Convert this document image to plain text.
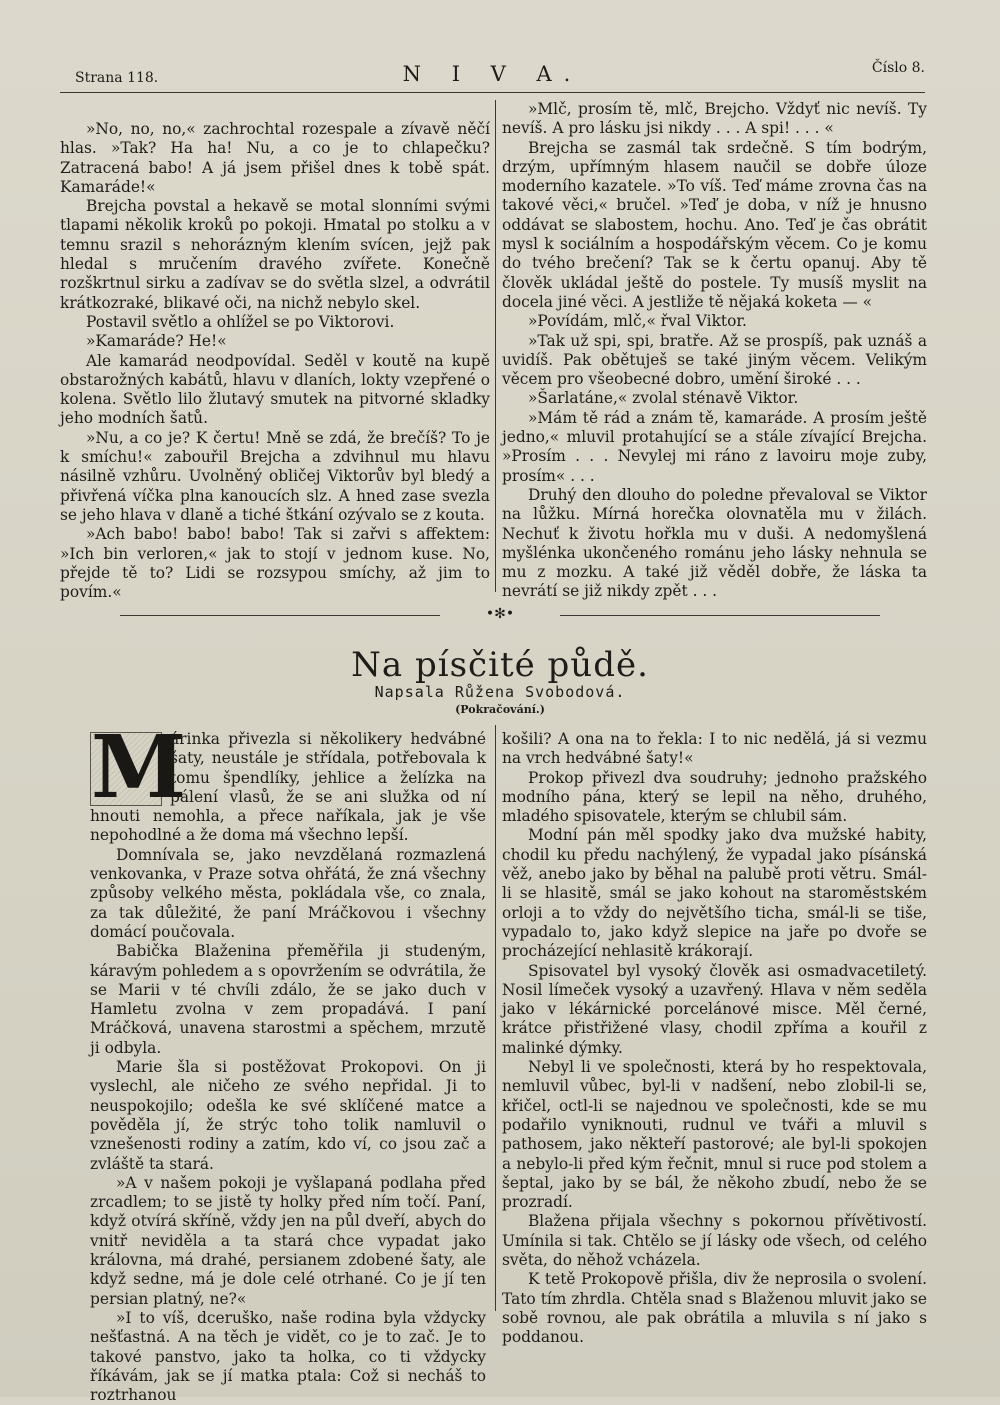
Strana 118.	N I V A.	Číslo 8.

»No, no, no,« zachrochtal rozespale a zívavě něčí hlas. »Tak? Ha ha! Nu, a co je to chlapečku? Zatracená babo! A já jsem přišel dnes k tobě spát. Kamaráde!«

Brejcha povstal a hekavě se motal slonními svými tlapami několik kroků po pokoji. Hmatal po stolku a v temnu srazil s nehorázným klením svícen, jejž pak hledal s mručením dravého zvířete. Konečně rozškrtnul sirku a zadívav se do světla slzel, a odvrátil krátkozraké, blikavé oči, na nichž nebylo skel.

Postavil světlo a ohlížel se po Viktorovi.

»Kamaráde? He!«

Ale kamarád neodpovídal. Seděl v koutě na kupě obstarožných kabátů, hlavu v dlaních, lokty vzepřené o kolena. Světlo lilo žlutavý smutek na pitvorné skladky jeho modních šatů.

»Nu, a co je? K čertu! Mně se zdá, že brečíš? To je k smíchu!« zabouřil Brejcha a zdvihnul mu hlavu násilně vzhůru. Uvolněný obličej Viktorův byl bledý a přivřená víčka plna kanoucích slz. A hned zase svezla se jeho hlava v dlaně a tiché štkání ozývalo se z kouta.

»Ach babo! babo! babo! Tak si zařvi s affektem: »Ich bin verloren,« jak to stojí v jednom kuse. No, přejde tě to? Lidi se rozsypou smíchy, až jim to povím.«

»Mlč, prosím tě, mlč, Brejcho. Vždyť nic nevíš. Ty nevíš. A pro lásku jsi nikdy . . . A spi! . . . «

Brejcha se zasmál tak srdečně. S tím bodrým, drzým, upřímným hlasem naučil se dobře úloze moderního kazatele. »To víš. Teď máme zrovna čas na takové věci,« bručel. »Teď je doba, v níž je hnusno oddávat se slabostem, hochu. Ano. Teď je čas obrátit mysl k sociálním a hospodářským věcem. Co je komu do tvého brečení? Tak se k čertu opanuj. Aby tě člověk ukládal ještě do postele. Ty musíš myslit na docela jiné věci. A jestliže tě nějaká koketa — «

»Povídám, mlč,« řval Viktor.

»Tak už spi, spi, bratře. Až se prospíš, pak uznáš a uvidíš. Pak obětuješ se také jiným věcem. Velikým věcem pro všeobecné dobro, umění široké . . .

»Šarlatáne,« zvolal sténavě Viktor.

»Mám tě rád a znám tě, kamaráde. A prosím ještě jedno,« mluvil protahující se a stále zívající Brejcha. »Prosím . . . Nevylej mi ráno z lavoiru moje zuby, prosím« . . .

Druhý den dlouho do poledne převaloval se Viktor na lůžku. Mírná horečka olovnatěla mu v žilách. Nechuť k životu hořkla mu v duši. A nedomyšlená myšlénka ukončeného románu jeho lásky nehnula se mu z mozku. A také již věděl dobře, že láska ta nevrátí se již nikdy zpět . . .

•✻•
Na písčité půdě.
Napsala Růžena Svobodová.
(Pokračování.)

M
árinka přivezla si několikery hedvábné šaty, neustále je střídala, potřebovala k tomu špendlíky, jehlice a želízka na pálení vlasů, že se ani služka od ní hnouti nemohla, a přece naříkala, jak je vše nepohodlné a že doma má všechno lepší.

Domnívala se, jako nevzdělaná rozmazlená venkovanka, v Praze sotva ohřátá, že zná všechny způsoby velkého města, pokládala vše, co znala, za tak důležité, že paní Mráčkovou i všechny domácí poučovala.

Babička Blaženina přeměřila ji studeným, káravým pohledem a s opovržením se odvrátila, že se Marii v té chvíli zdálo, že se jako duch v Hamletu zvolna v zem propadává. I paní Mráčková, unavena starostmi a spěchem, mrzutě ji odbyla.

Marie šla si postěžovat Prokopovi. On ji vyslechl, ale ničeho ze svého nepřidal. Ji to neuspokojilo; odešla ke své sklíčené matce a pověděla jí, že strýc toho tolik namluvil o vznešenosti rodiny a zatím, kdo ví, co jsou zač a zvláště ta stará.

»A v našem pokoji je vyšlapaná podlaha před zrcadlem; to se jistě ty holky před ním točí. Paní, když otvírá skříně, vždy jen na půl dveří, abych do vnitř neviděla a ta stará chce vypadat jako královna, má drahé, persianem zdobené šaty, ale když sedne, má je dole celé otrhané. Co je jí ten persian platný, ne?«

»I to víš, dceruško, naše rodina byla vždycky nešťastná. A na těch je vidět, co je to zač. Je to takové panstvo, jako ta holka, co ti vždycky říkávám, jak se jí matka ptala: Což si necháš to roztrhanou

košili? A ona na to řekla: I to nic nedělá, já si vezmu na vrch hedvábné šaty!«

Prokop přivezl dva soudruhy; jednoho pražského modního pána, který se lepil na něho, druhého, mladého spisovatele, kterým se chlubil sám.

Modní pán měl spodky jako dva mužské habity, chodil ku předu nachýlený, že vypadal jako písánská věž, anebo jako by běhal na palubě proti větru. Smál-li se hlasitě, smál se jako kohout na staroměstském orloji a to vždy do největšího ticha, smál-li se tiše, vypadalo to, jako když slepice na jaře po dvoře se procházející nehlasitě krákorají.

Spisovatel byl vysoký člověk asi osmadvacetiletý. Nosil límeček vysoký a uzavřený. Hlava v něm seděla jako v lékárnické porcelánové misce. Měl černé, krátce přistřižené vlasy, chodil zpříma a kouřil z malinké dýmky.

Nebyl li ve společnosti, která by ho respektovala, nemluvil vůbec, byl-li v nadšení, nebo zlobil-li se, křičel, octl-li se najednou ve společnosti, kde se mu podařilo vyniknouti, rudnul ve tváři a mluvil s pathosem, jako někteří pastorové; ale byl-li spokojen a nebylo-li před kým řečnit, mnul si ruce pod stolem a šeptal, jako by se bál, že někoho zbudí, nebo že se prozradí.

Blažena přijala všechny s pokornou přívětivostí. Umínila si tak. Chtělo se jí lásky ode všech, od celého světa, do něhož vcházela.

K tetě Prokopově přišla, div že neprosila o svolení. Tato tím zhrdla. Chtěla snad s Blaženou mluvit jako se sobě rovnou, ale pak obrátila a mluvila s ní jako s poddanou.
